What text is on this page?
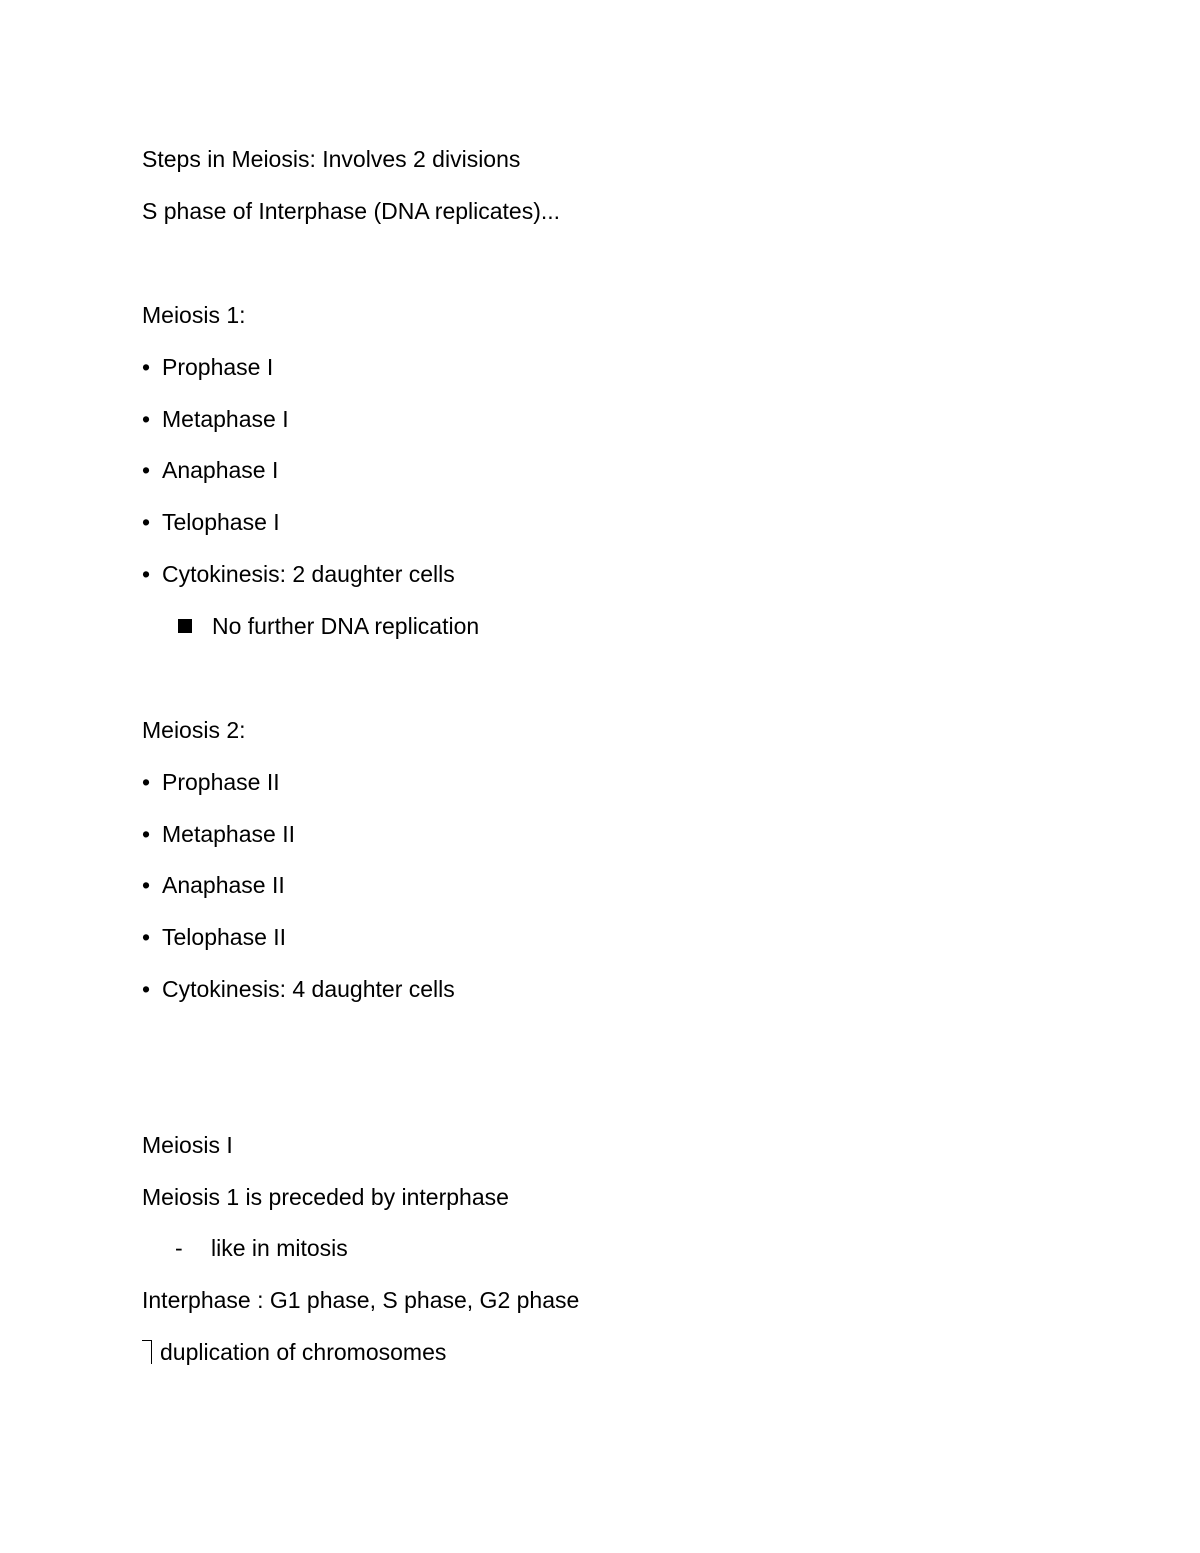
Steps in Meiosis: Involves 2 divisions
S phase of Interphase (DNA replicates)...
Meiosis 1:
• Prophase I
• Metaphase I
• Anaphase I
• Telophase I
• Cytokinesis: 2 daughter cells
No further DNA replication
Meiosis 2:
• Prophase II
• Metaphase II
• Anaphase II
• Telophase II
• Cytokinesis: 4 daughter cells
Meiosis I
Meiosis 1 is preceded by interphase
- like in mitosis
Interphase : G1 phase, S phase, G2 phase
duplication of chromosomes
